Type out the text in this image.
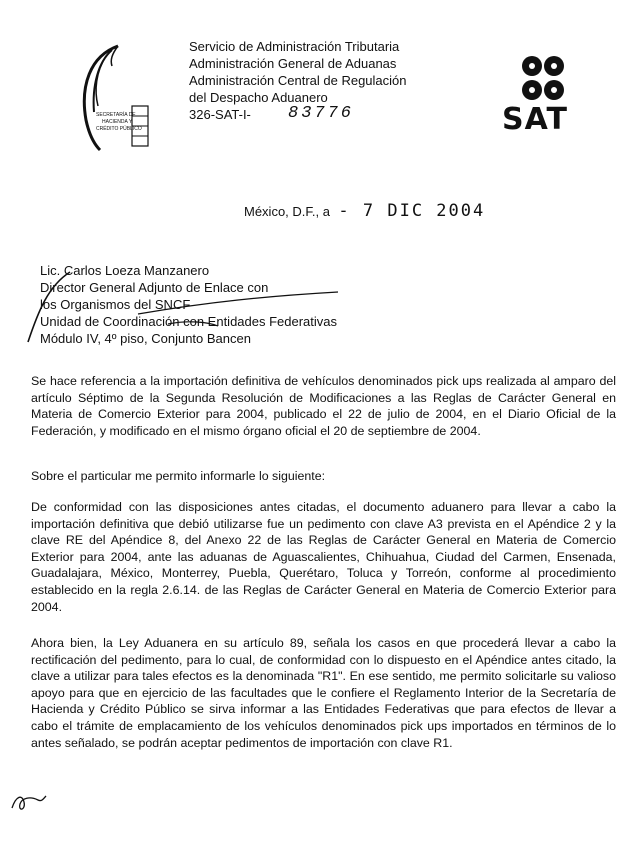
SECRETARÍA DE
HACIENDA Y
CRÉDITO PÚBLICO
Servicio de Administración Tributaria
Administración General de Aduanas
Administración Central de Regulación
del Despacho Aduanero
326-SAT-I-	83776	SAT
México, D.F., a - 7 DIC 2004
Lic. Carlos Loeza Manzanero
Director General Adjunto de Enlace con
los Organismos del SNCF
Unidad de Coordinación con Entidades Federativas
Módulo IV, 4º piso, Conjunto Bancen
Se hace referencia a la importación definitiva de vehículos denominados pick ups realizada al amparo del artículo Séptimo de la Segunda Resolución de Modificaciones a las Reglas de Carácter General en Materia de Comercio Exterior para 2004, publicado el 22 de julio de 2004, en el Diario Oficial de la Federación, y modificado en el mismo órgano oficial el 20 de septiembre de 2004.
Sobre el particular me permito informarle lo siguiente:
De conformidad con las disposiciones antes citadas, el documento aduanero para llevar a cabo la importación definitiva que debió utilizarse fue un pedimento con clave A3 prevista en el Apéndice 2 y la clave RE del Apéndice 8, del Anexo 22 de las Reglas de Carácter General en Materia de Comercio Exterior para 2004, ante las aduanas de Aguascalientes, Chihuahua, Ciudad del Carmen, Ensenada, Guadalajara, México, Monterrey, Puebla, Querétaro, Toluca y Torreón, conforme al procedimiento establecido en la regla 2.6.14. de las Reglas de Carácter General en Materia de Comercio Exterior para 2004.
Ahora bien, la Ley Aduanera en su artículo 89, señala los casos en que procederá llevar a cabo la rectificación del pedimento, para lo cual, de conformidad con lo dispuesto en el Apéndice antes citado, la clave a utilizar para tales efectos es la denominada "R1". En ese sentido, me permito solicitarle su valioso apoyo para que en ejercicio de las facultades que le confiere el Reglamento Interior de la Secretaría de Hacienda y Crédito Público se sirva informar a las Entidades Federativas que para efectos de llevar a cabo el trámite de emplacamiento de los vehículos denominados pick ups importados en términos de lo antes señalado, se podrán aceptar pedimentos de importación con clave R1.
